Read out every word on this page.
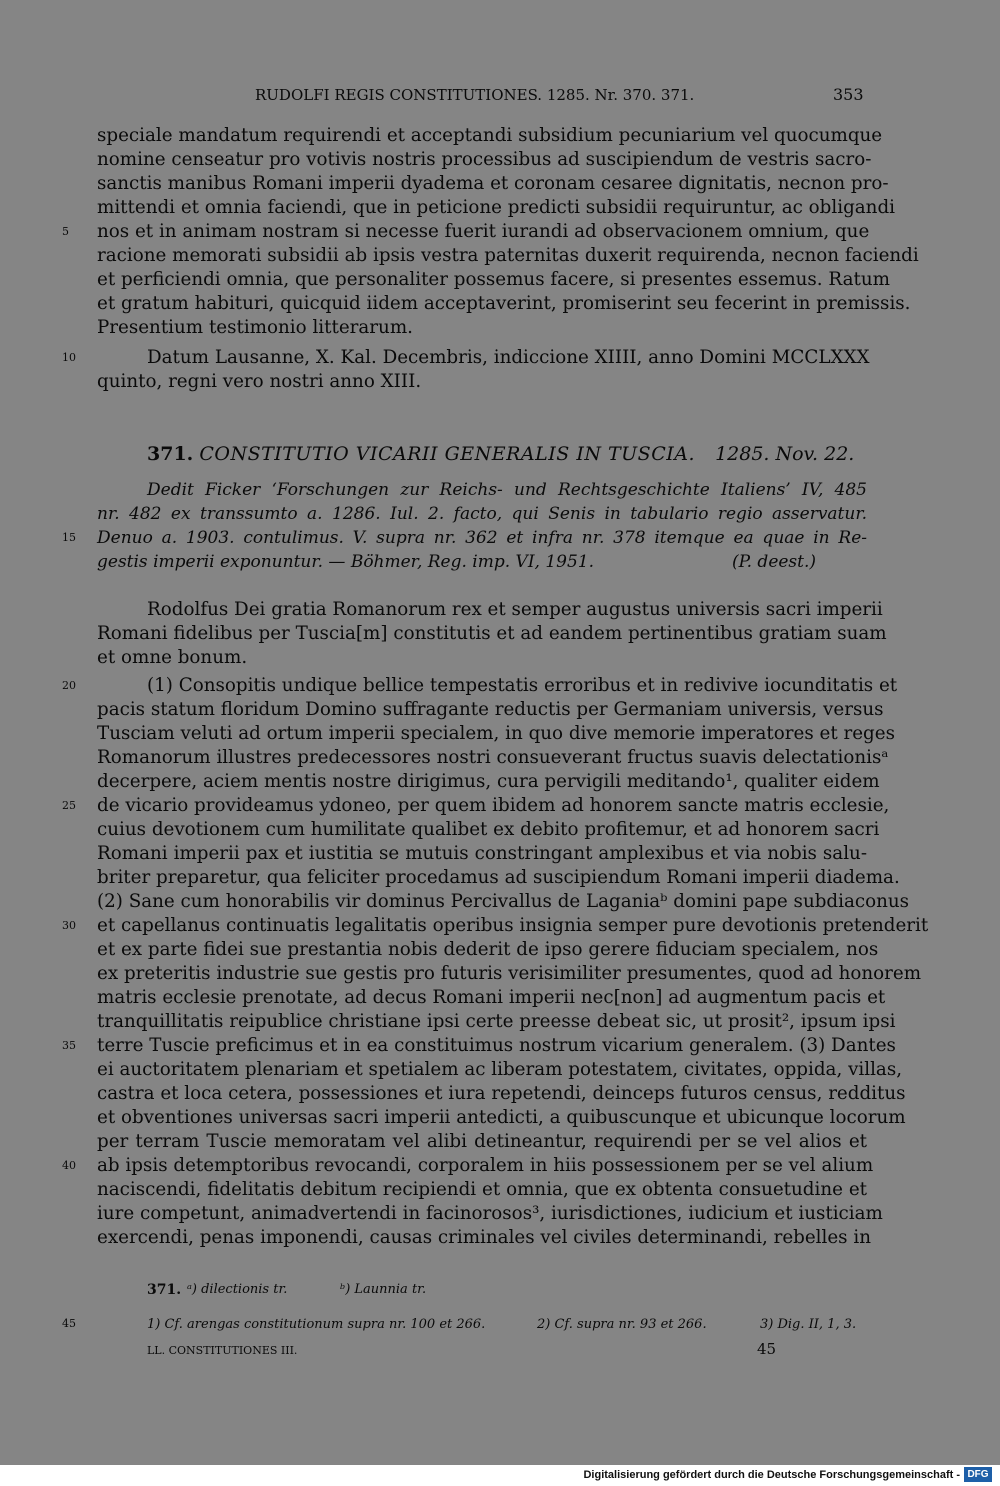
RUDOLFI REGIS CONSTITUTIONES. 1285. Nr. 370. 371.	353
speciale mandatum requirendi et acceptandi subsidium pecuniarium vel quocumque
nomine censeatur pro votivis nostris processibus ad suscipiendum de vestris sacro-
sanctis manibus Romani imperii dyadema et coronam cesaree dignitatis, necnon pro-
mittendi et omnia faciendi, que in peticione predicti subsidii requiruntur, ac obligandi
nos et in animam nostram si necesse fuerit iurandi ad observacionem omnium, que
racione memorati subsidii ab ipsis vestra paternitas duxerit requirenda, necnon faciendi
et perficiendi omnia, que personaliter possemus facere, si presentes essemus. Ratum
et gratum habituri, quicquid iidem acceptaverint, promiserint seu fecerint in premissis.
Presentium testimonio litterarum.
Datum Lausanne, X. Kal. Decembris, indiccione XIIII, anno Domini MCCLXXX
quinto, regni vero nostri anno XIII.
371. CONSTITUTIO VICARII GENERALIS IN TUSCIA. 1285. Nov. 22.
Dedit Ficker ‘Forschungen zur Reichs- und Rechtsgeschichte Italiens’ IV, 485
nr. 482 ex transsumto a. 1286. Iul. 2. facto, qui Senis in tabulario regio asservatur.
Denuo a. 1903. contulimus. V. supra nr. 362 et infra nr. 378 itemque ea quae in Re-
gestis imperii exponuntur. — Böhmer, Reg. imp. VI, 1951.	(P. deest.)
Rodolfus Dei gratia Romanorum rex et semper augustus universis sacri imperii
Romani fidelibus per Tuscia[m] constitutis et ad eandem pertinentibus gratiam suam
et omne bonum.
(1) Consopitis undique bellice tempestatis erroribus et in redivive iocunditatis et
pacis statum floridum Domino suffragante reductis per Germaniam universis, versus
Tusciam veluti ad ortum imperii specialem, in quo dive memorie imperatores et reges
Romanorum illustres predecessores nostri consueverant fructus suavis delectationisᵃ
decerpere, aciem mentis nostre dirigimus, cura pervigili meditando¹, qualiter eidem
de vicario provideamus ydoneo, per quem ibidem ad honorem sancte matris ecclesie,
cuius devotionem cum humilitate qualibet ex debito profitemur, et ad honorem sacri
Romani imperii pax et iustitia se mutuis constringant amplexibus et via nobis salu-
briter preparetur, qua feliciter procedamus ad suscipiendum Romani imperii diadema.
(2) Sane cum honorabilis vir dominus Percivallus de Laganiaᵇ domini pape subdiaconus
et capellanus continuatis legalitatis operibus insignia semper pure devotionis pretenderit
et ex parte fidei sue prestantia nobis dederit de ipso gerere fiduciam specialem, nos
ex preteritis industrie sue gestis pro futuris verisimiliter presumentes, quod ad honorem
matris ecclesie prenotate, ad decus Romani imperii nec[non] ad augmentum pacis et
tranquillitatis reipublice christiane ipsi certe preesse debeat sic, ut prosit², ipsum ipsi
terre Tuscie preficimus et in ea constituimus nostrum vicarium generalem. (3) Dantes
ei auctoritatem plenariam et spetialem ac liberam potestatem, civitates, oppida, villas,
castra et loca cetera, possessiones et iura repetendi, deinceps futuros census, redditus
et obventiones universas sacri imperii antedicti, a quibuscunque et ubicunque locorum
per terram Tuscie memoratam vel alibi detineantur, requirendi per se vel alios et
ab ipsis detemptoribus revocandi, corporalem in hiis possessionem per se vel alium
naciscendi, fidelitatis debitum recipiendi et omnia, que ex obtenta consuetudine et
iure competunt, animadvertendi in facinorosos³, iurisdictiones, iudicium et iusticiam
exercendi, penas imponendi, causas criminales vel civiles determinandi, rebelles in
5
10
15
20
25
30
35
40
45
371. ᵃ) dilectionis tr.	ᵇ) Launnia tr.
1) Cf. arengas constitutionum supra nr. 100 et 266.	2) Cf. supra nr. 93 et 266.	3) Dig. II, 1, 3.
LL. CONSTITUTIONES III.	45
Digitalisierung gefördert durch die Deutsche Forschungsgemeinschaft - DFG
